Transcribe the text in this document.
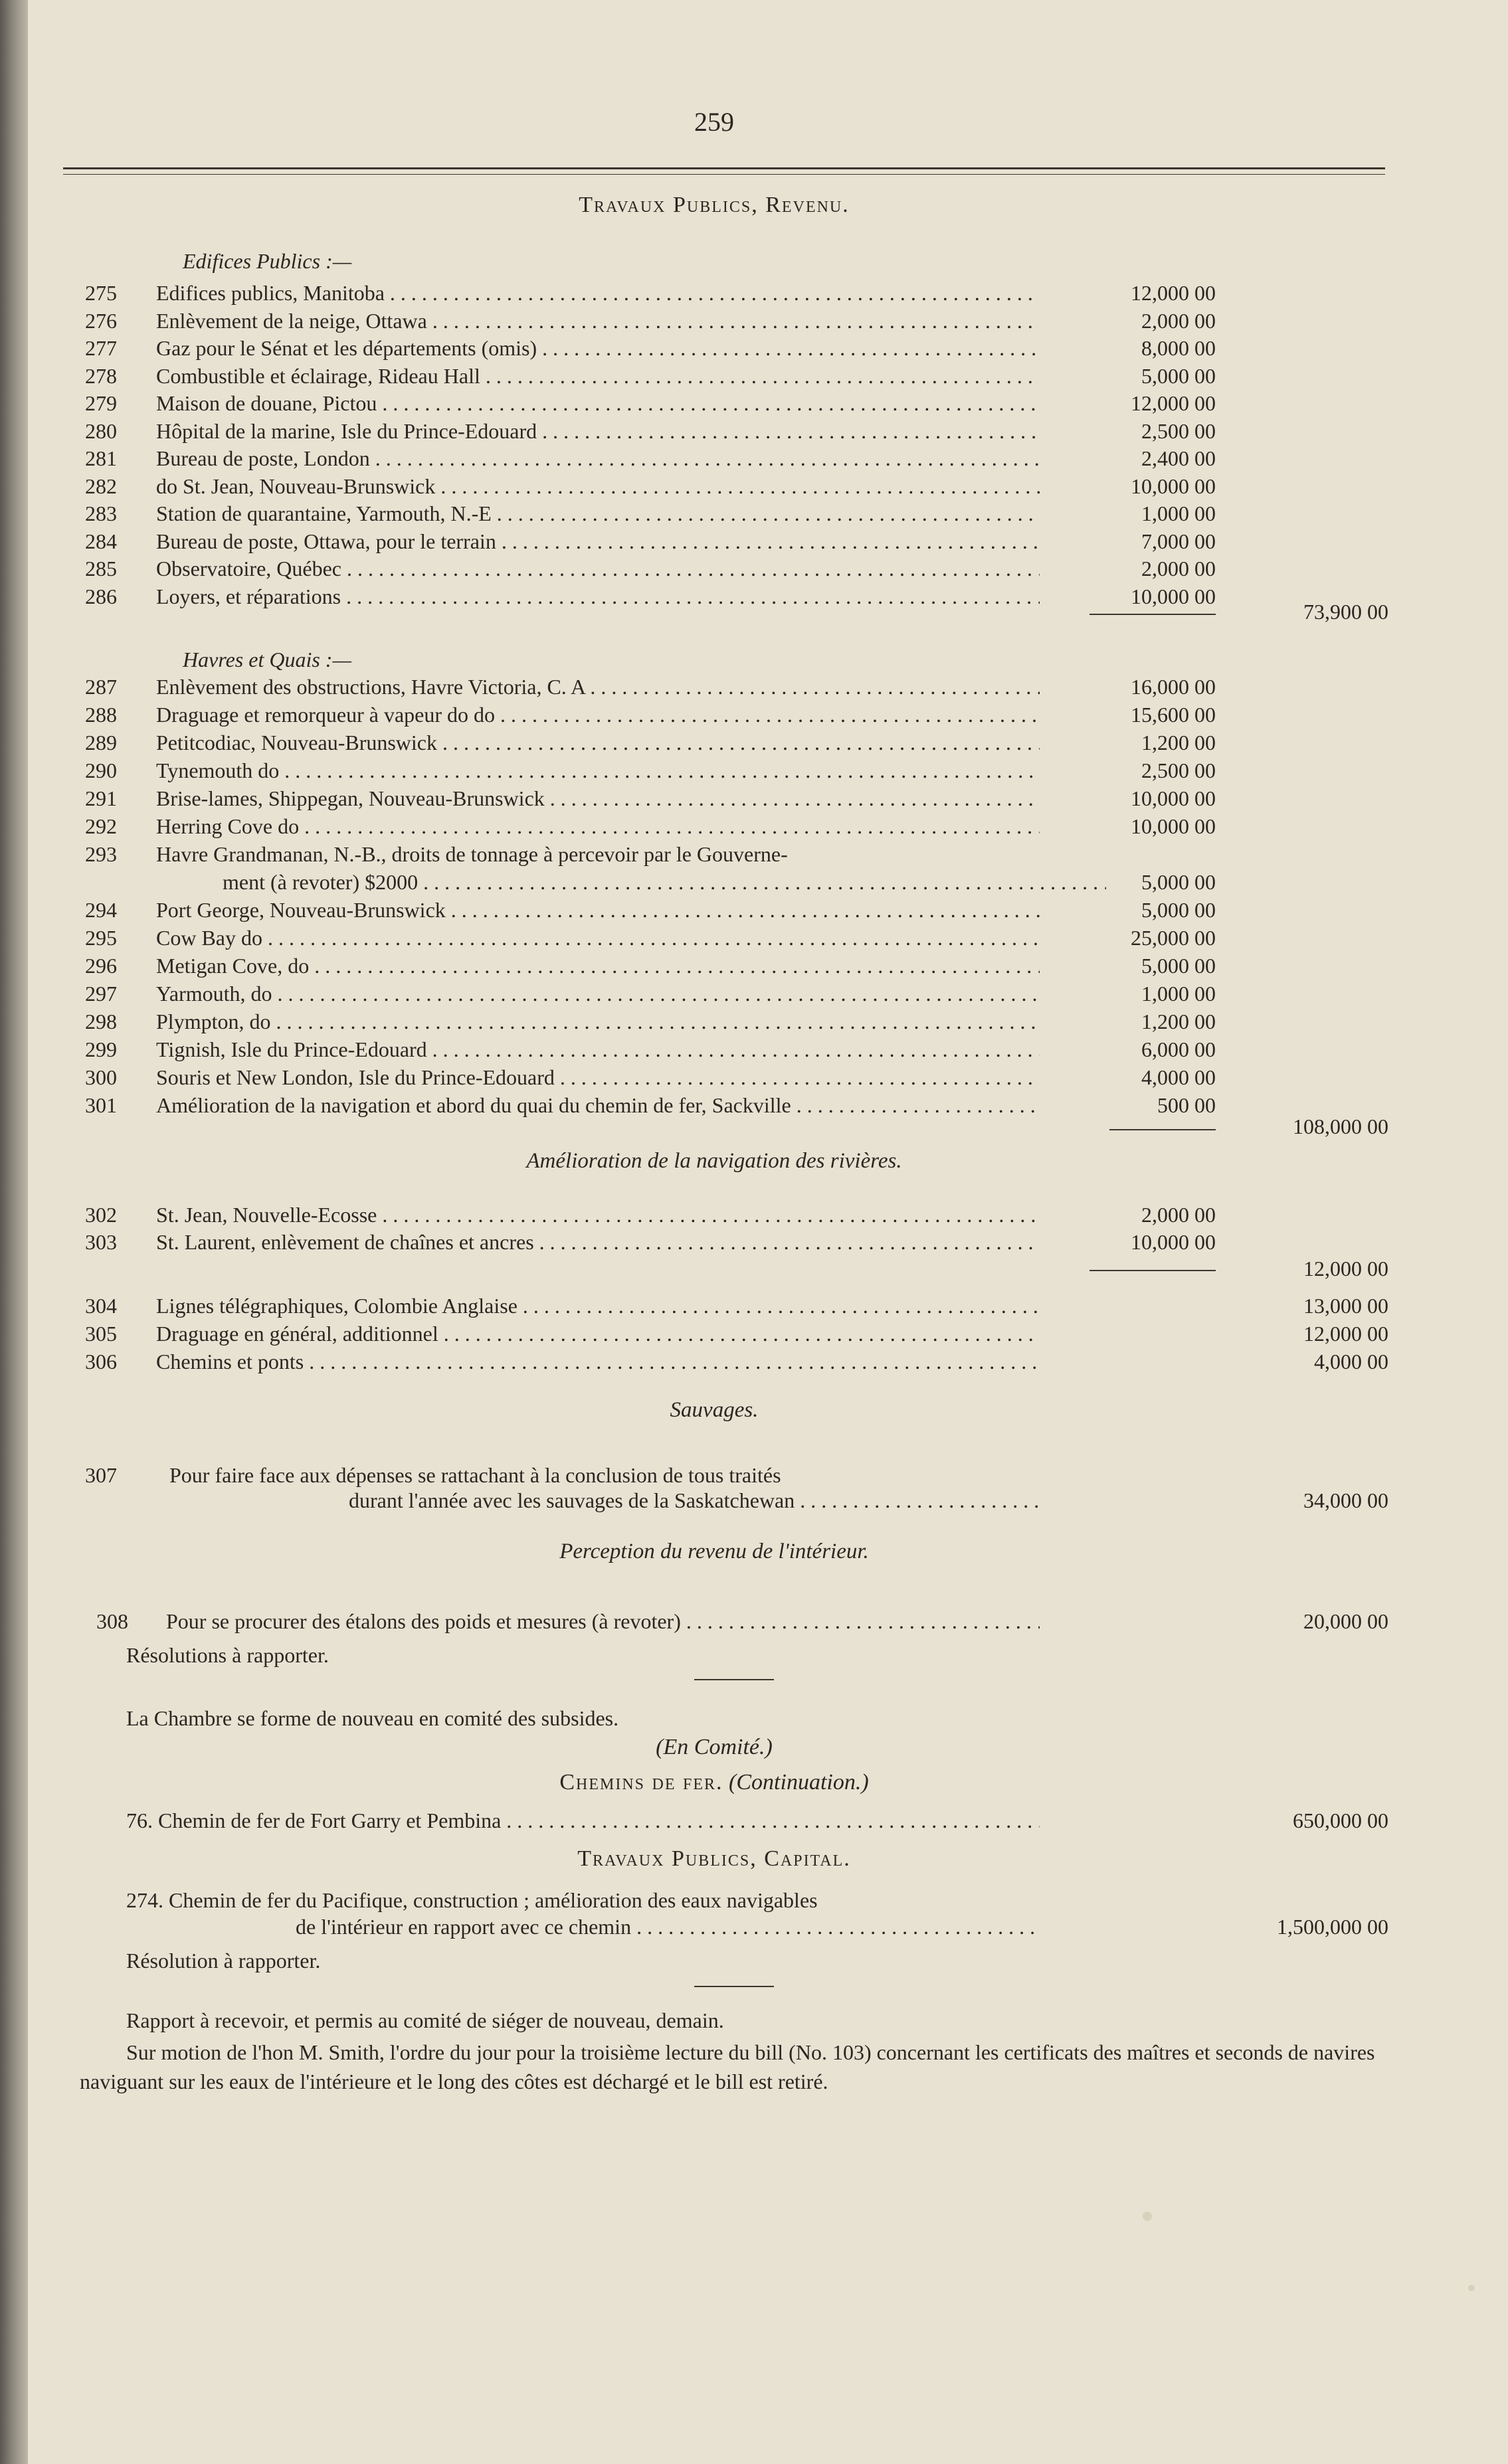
259
Travaux Publics, Revenu.
Edifices Publics :—
275	Edifices publics, Manitoba . . .	12,000 00
276	Enlèvement de la neige, Ottawa . . .	2,000 00
277	Gaz pour le Sénat et les départements (omis) . . .	8,000 00
278	Combustible et éclairage, Rideau Hall . . .	5,000 00
279	Maison de douane, Pictou . . .	12,000 00
280	Hôpital de la marine, Isle du Prince-Edouard . . .	2,500 00
281	Bureau de poste, London . . .	2,400 00
282	do St. Jean, Nouveau-Brunswick . . .	10,000 00
283	Station de quarantaine, Yarmouth, N.-E . . .	1,000 00
284	Bureau de poste, Ottawa, pour le terrain . . .	7,000 00
285	Observatoire, Québec . . .	2,000 00
286	Loyers, et réparations . . .	10,000 00
73,900 00
Havres et Quais :—
287	Enlèvement des obstructions, Havre Victoria, C. A . . .	16,000 00
288	Draguage et remorqueur à vapeur do do . . .	15,600 00
289	Petitcodiac, Nouveau-Brunswick . . .	1,200 00
290	Tynemouth do . . .	2,500 00
291	Brise-lames, Shippegan, Nouveau-Brunswick . . .	10,000 00
292	Herring Cove do . . .	10,000 00
293	Havre Grandmanan, N.-B., droits de tonnage à percevoir par le Gouverne-
ment (à revoter) $2000 . . .	5,000 00
294	Port George, Nouveau-Brunswick . . .	5,000 00
295	Cow Bay do . . .	25,000 00
296	Metigan Cove, do . . .	5,000 00
297	Yarmouth, do . . .	1,000 00
298	Plympton, do . . .	1,200 00
299	Tignish, Isle du Prince-Edouard . . .	6,000 00
300	Souris et New London, Isle du Prince-Edouard . . .	4,000 00
301	Amélioration de la navigation et abord du quai du chemin de fer, Sackville . . .	500 00
108,000 00
Amélioration de la navigation des rivières.
302	St. Jean, Nouvelle-Ecosse . . .	2,000 00
303	St. Laurent, enlèvement de chaînes et ancres . . .	10,000 00
12,000 00
304	Lignes télégraphiques, Colombie Anglaise . . .	13,000 00
305	Draguage en général, additionnel . . .	12,000 00
306	Chemins et ponts . . .	4,000 00
Sauvages.
307	Pour faire face aux dépenses se rattachant à la conclusion de tous traités
durant l'année avec les sauvages de la Saskatchewan . . .	34,000 00
Perception du revenu de l'intérieur.
308	Pour se procurer des étalons des poids et mesures (à revoter) . . .	20,000 00
Résolutions à rapporter.
La Chambre se forme de nouveau en comité des subsides.
(En Comité.)
Chemins de fer. (Continuation.)
76. Chemin de fer de Fort Garry et Pembina . . .	650,000 00
Travaux Publics, Capital.
274. Chemin de fer du Pacifique, construction ; amélioration des eaux navigables
de l'intérieur en rapport avec ce chemin . . .	1,500,000 00
Résolution à rapporter.
Rapport à recevoir, et permis au comité de siéger de nouveau, demain.
Sur motion de l'hon M. Smith, l'ordre du jour pour la troisième lecture du bill (No. 103) concernant les certificats des maîtres et seconds de navires naviguant sur les eaux de l'intérieure et le long des côtes est déchargé et le bill est retiré.
